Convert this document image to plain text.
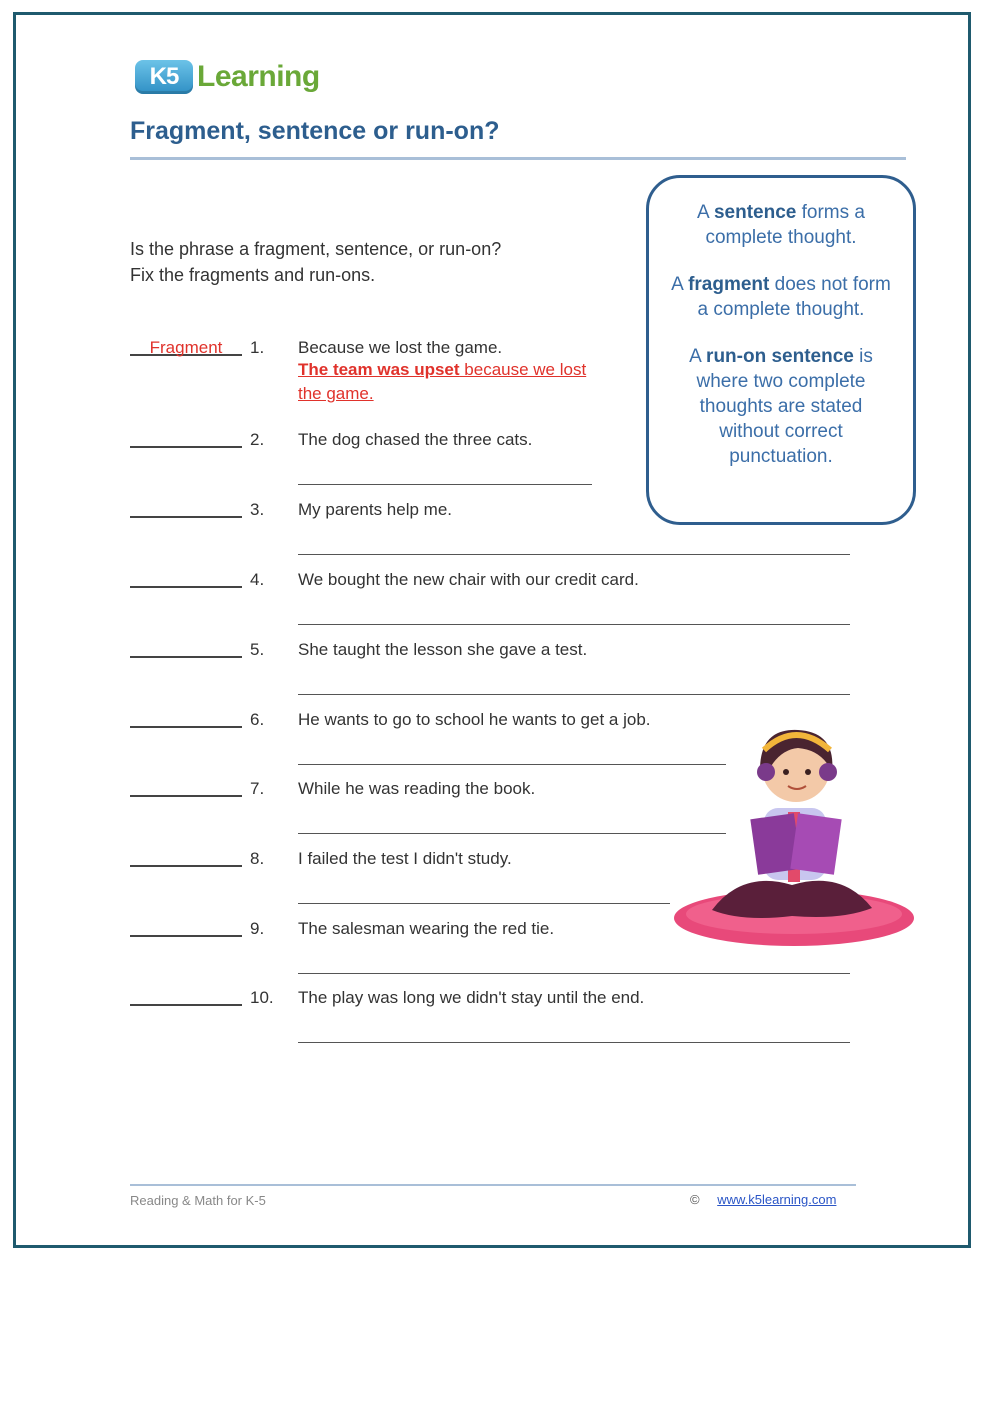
K5 Learning
Fragment, sentence or run-on?
Is the phrase a fragment, sentence, or run-on?
Fix the fragments and run-ons.

A sentence forms a complete thought.

A fragment does not form a complete thought.

A run-on sentence is where two complete thoughts are stated without correct punctuation.

Fragment	1.	Because we lost the game.
The team was upset because we lost the game.
2.	The dog chased the three cats.
3.	My parents help me.
4.	We bought the new chair with our credit card.
5.	She taught the lesson she gave a test.
6.	He wants to go to school he wants to get a job.
7.	While he was reading the book.
8.	I failed the test I didn't study.
9.	The salesman wearing the red tie.
10.	The play was long we didn't stay until the end.
Reading & Math for K-5	© www.k5learning.com
